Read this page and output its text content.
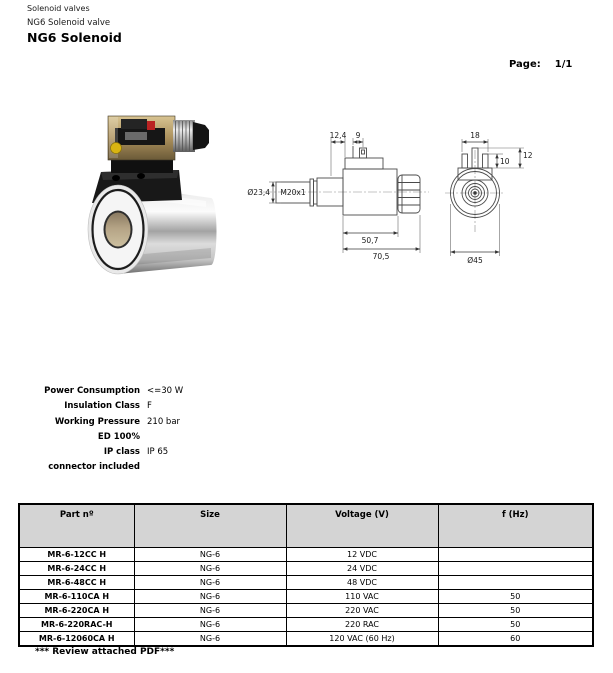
Solenoid valves
NG6 Solenoid valve
NG6 Solenoid
Page: 1/1
12,4 9
Ø23,4 M20x1
50,7
70,5
18
10
12
Ø45
Power Consumption <=30 W
Insulation Class F
Working Pressure 210 bar
ED 100%
IP class IP 65
connector included
Part nº	Size	Voltage (V)	f (Hz)
MR-6-12CC H	NG-6	12 VDC	
MR-6-24CC H	NG-6	24 VDC	
MR-6-48CC H	NG-6	48 VDC	
MR-6-110CA H	NG-6	110 VAC	50
MR-6-220CA H	NG-6	220 VAC	50
MR-6-220RAC-H	NG-6	220 RAC	50
MR-6-12060CA H	NG-6	120 VAC (60 Hz)	60
*** Review attached PDF***
